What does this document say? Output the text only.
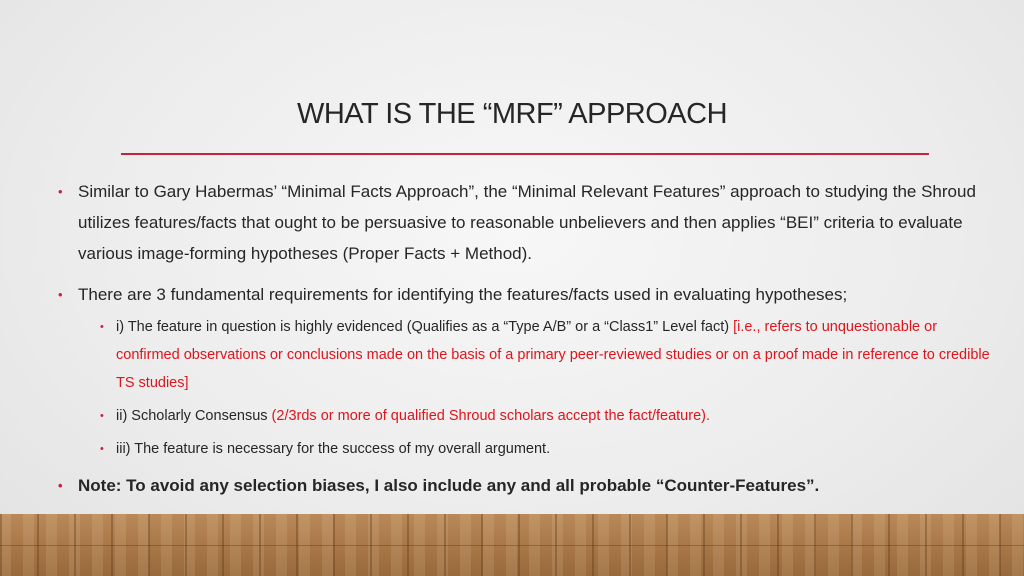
WHAT IS THE “MRF” APPROACH
• Similar to Gary Habermas’ “Minimal Facts Approach”, the “Minimal Relevant Features” approach to studying the Shroud utilizes features/facts that ought to be persuasive to reasonable unbelievers and then applies “BEI” criteria to evaluate various image-forming hypotheses (Proper Facts + Method).
• There are 3 fundamental requirements for identifying the features/facts used in evaluating hypotheses;
• i) The feature in question is highly evidenced (Qualifies as a “Type A/B” or a “Class1” Level fact) [i.e., refers to unquestionable or confirmed observations or conclusions made on the basis of a primary peer-reviewed studies or on a proof made in reference to credible TS studies]
• ii) Scholarly Consensus (2/3rds or more of qualified Shroud scholars accept the fact/feature).
• iii) The feature is necessary for the success of my overall argument.
• Note: To avoid any selection biases, I also include any and all probable “Counter-Features”.
